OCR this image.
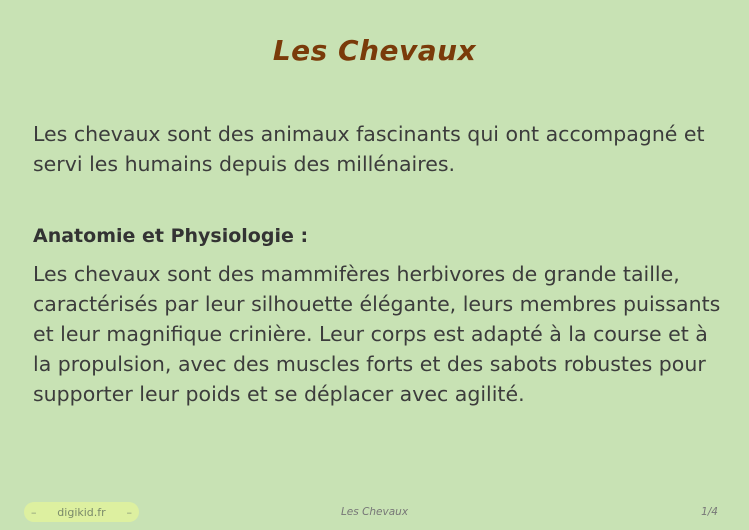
Les Chevaux

Les chevaux sont des animaux fascinants qui ont accompagné et servi les humains depuis des millénaires.

Anatomie et Physiologie :

Les chevaux sont des mammifères herbivores de grande taille, caractérisés par leur silhouette élégante, leurs membres puissants et leur magnifique crinière. Leur corps est adapté à la course et à la propulsion, avec des muscles forts et des sabots robustes pour supporter leur poids et se déplacer avec agilité.

– digikid.fr –	Les Chevaux	1/4
